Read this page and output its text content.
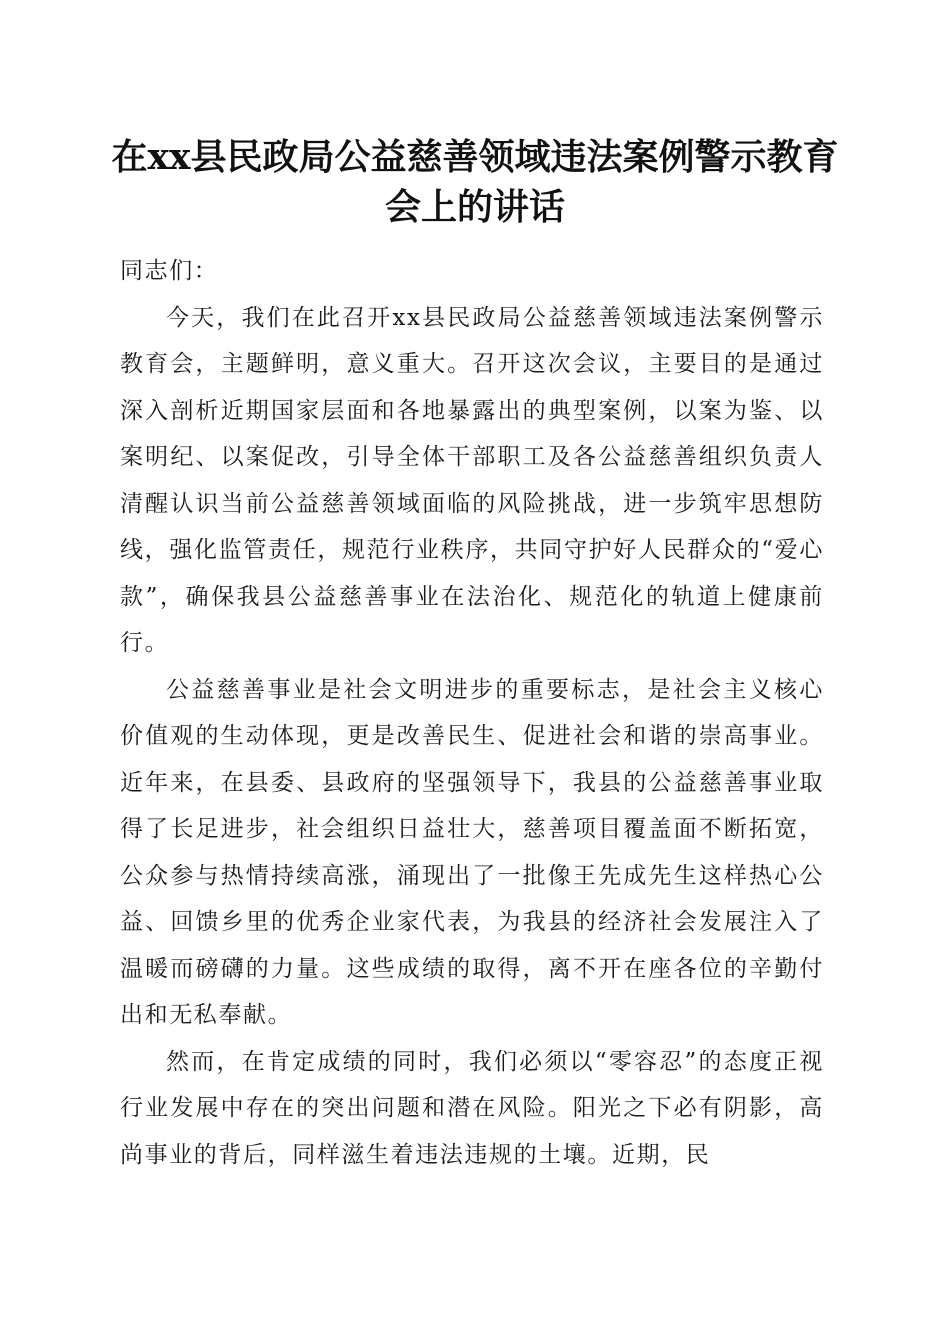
在xx县民政局公益慈善领域违法案例警示教育会上的讲话

同志们：

今天，我们在此召开xx县民政局公益慈善领域违法案例警示教育会，主题鲜明，意义重大。召开这次会议，主要目的是通过深入剖析近期国家层面和各地暴露出的典型案例，以案为鉴、以案明纪、以案促改，引导全体干部职工及各公益慈善组织负责人清醒认识当前公益慈善领域面临的风险挑战，进一步筑牢思想防线，强化监管责任，规范行业秩序，共同守护好人民群众的“爱心款”，确保我县公益慈善事业在法治化、规范化的轨道上健康前行。

公益慈善事业是社会文明进步的重要标志，是社会主义核心价值观的生动体现，更是改善民生、促进社会和谐的崇高事业。近年来，在县委、县政府的坚强领导下，我县的公益慈善事业取得了长足进步，社会组织日益壮大，慈善项目覆盖面不断拓宽，公众参与热情持续高涨，涌现出了一批像王先成先生这样热心公益、回馈乡里的优秀企业家代表，为我县的经济社会发展注入了温暖而磅礴的力量。这些成绩的取得，离不开在座各位的辛勤付出和无私奉献。

然而，在肯定成绩的同时，我们必须以“零容忍”的态度正视行业发展中存在的突出问题和潜在风险。阳光之下必有阴影，高尚事业的背后，同样滋生着违法违规的土壤。近期，民
